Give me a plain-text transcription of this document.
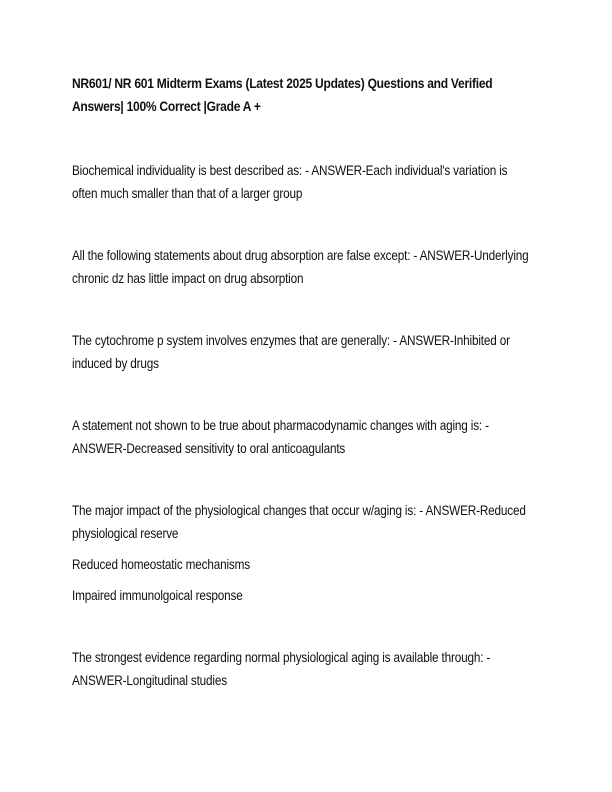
NR601/ NR 601 Midterm Exams (Latest 2025 Updates) Questions and Verified Answers| 100% Correct |Grade A +

Biochemical individuality is best described as: - ANSWER-Each individual's variation is often much smaller than that of a larger group

All the following statements about drug absorption are false except: - ANSWER-Underlying chronic dz has little impact on drug absorption

The cytochrome p system involves enzymes that are generally: - ANSWER-Inhibited or induced by drugs

A statement not shown to be true about pharmacodynamic changes with aging is: - ANSWER-Decreased sensitivity to oral anticoagulants

The major impact of the physiological changes that occur w/aging is: - ANSWER-Reduced physiological reserve

Reduced homeostatic mechanisms

Impaired immunolgoical response

The strongest evidence regarding normal physiological aging is available through: - ANSWER-Longitudinal studies
